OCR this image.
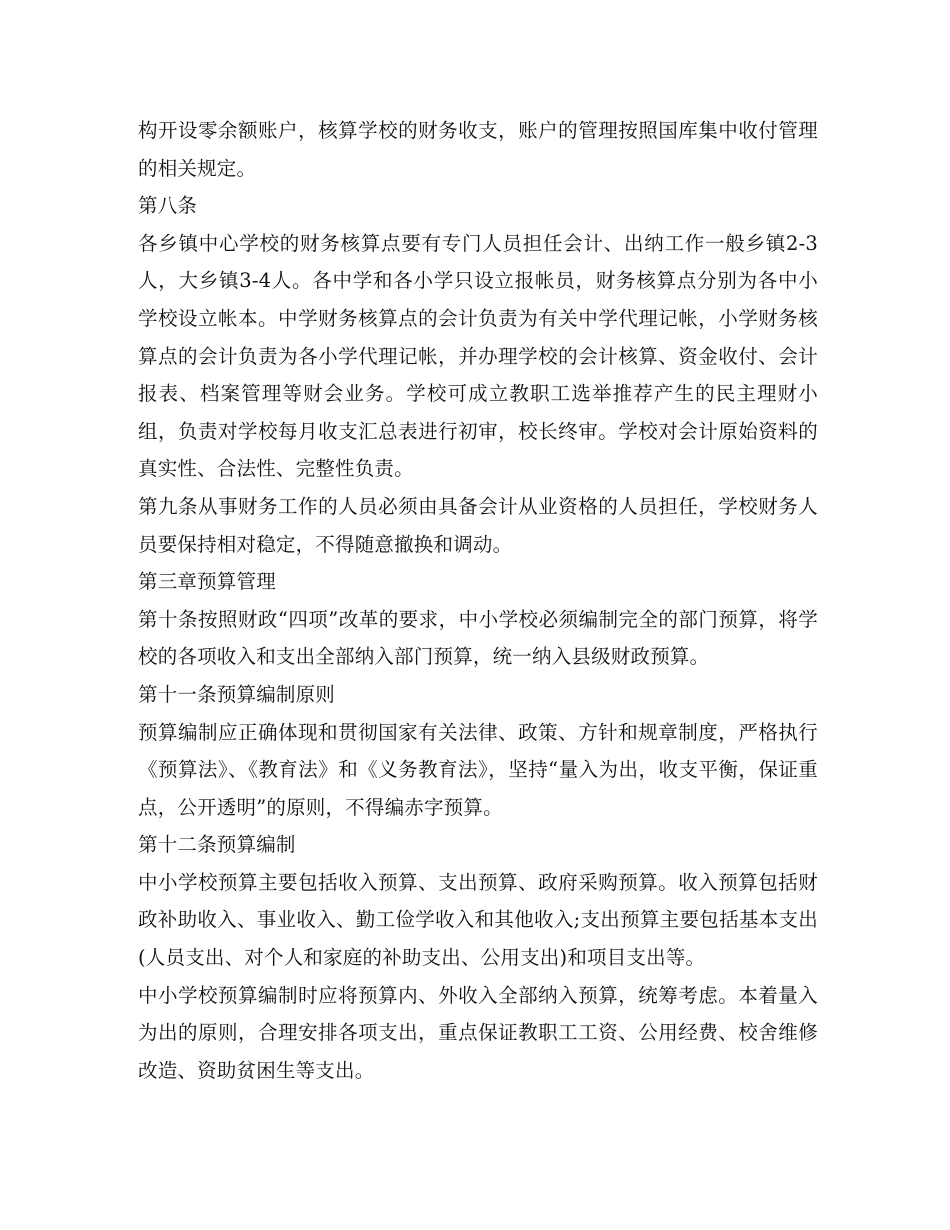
构开设零余额账户，核算学校的财务收支，账户的管理按照国库集中收付管理的相关规定。

第八条

各乡镇中心学校的财务核算点要有专门人员担任会计、出纳工作一般乡镇2-3人，大乡镇3-4人。各中学和各小学只设立报帐员，财务核算点分别为各中小学校设立帐本。中学财务核算点的会计负责为有关中学代理记帐，小学财务核算点的会计负责为各小学代理记帐，并办理学校的会计核算、资金收付、会计报表、档案管理等财会业务。学校可成立教职工选举推荐产生的民主理财小组，负责对学校每月收支汇总表进行初审，校长终审。学校对会计原始资料的真实性、合法性、完整性负责。

第九条从事财务工作的人员必须由具备会计从业资格的人员担任，学校财务人员要保持相对稳定，不得随意撤换和调动。

第三章预算管理

第十条按照财政“四项”改革的要求，中小学校必须编制完全的部门预算，将学校的各项收入和支出全部纳入部门预算，统一纳入县级财政预算。

第十一条预算编制原则

预算编制应正确体现和贯彻国家有关法律、政策、方针和规章制度，严格执行《预算法》、《教育法》和《义务教育法》，坚持“量入为出，收支平衡，保证重点，公开透明”的原则，不得编赤字预算。

第十二条预算编制

中小学校预算主要包括收入预算、支出预算、政府采购预算。收入预算包括财政补助收入、事业收入、勤工俭学收入和其他收入;支出预算主要包括基本支出(人员支出、对个人和家庭的补助支出、公用支出)和项目支出等。

中小学校预算编制时应将预算内、外收入全部纳入预算，统筹考虑。本着量入为出的原则，合理安排各项支出，重点保证教职工工资、公用经费、校舍维修改造、资助贫困生等支出。
